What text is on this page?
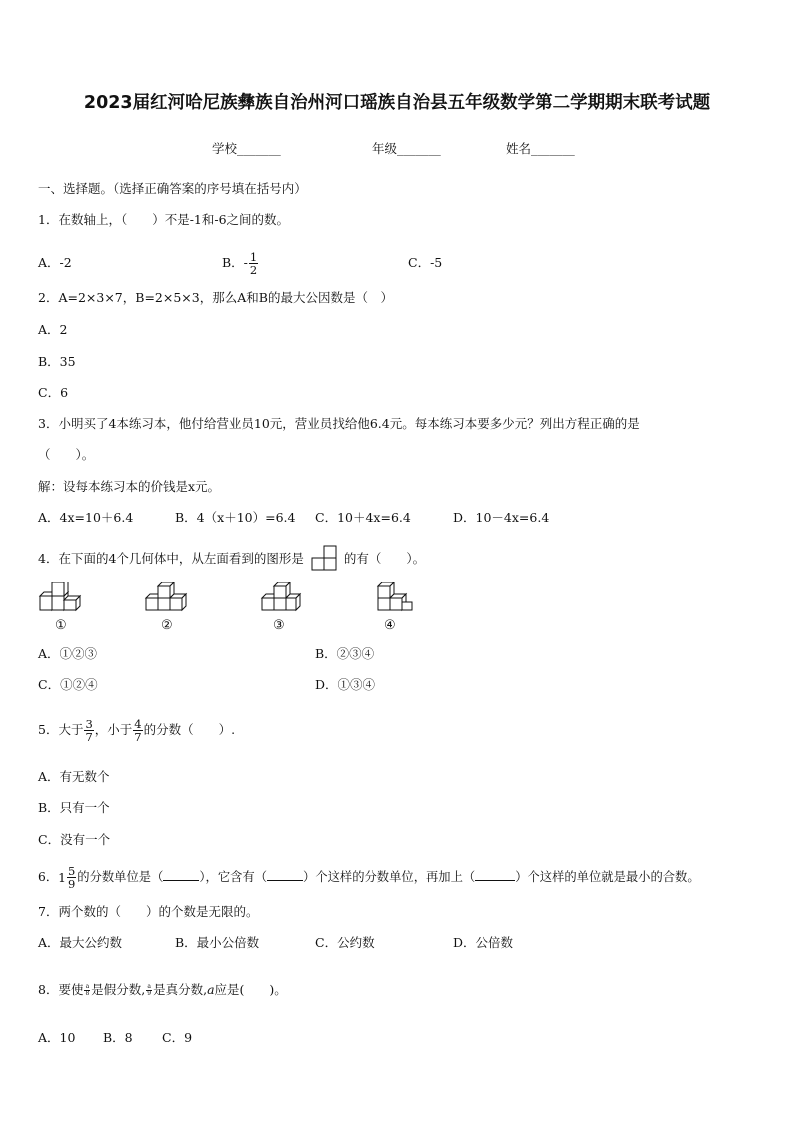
2023届红河哈尼族彝族自治州河口瑶族自治县五年级数学第二学期期末联考试题
学校_______	年级_______	姓名_______
一、选择题。（选择正确答案的序号填在括号内）
1．在数轴上，（　　）不是-1和-6之间的数。
A．-2	B．- $\frac{1}{2}$	C．-5
2．A=2×3×7，B=2×5×3，那么A和B的最大公因数是（　）
A．2
B．35
C．6
3．小明买了4本练习本，他付给营业员10元，营业员找给他6.4元。每本练习本要多少元？列出方程正确的是
（　　）。
解：设每本练习本的价钱是x元。
A．4x=10＋6.4	B．4（x＋10）=6.4 C．10＋4x=6.4	D．10－4x=6.4
4．在下面的4个几何体中，从左面看到的图形是	的有（　　）。
①	②	③	④
A．①②③	B．②③④
C．①②④	D．①③④
5．大于 $\frac{3}{7}$ ，小于 $\frac{4}{7}$ 的分数（　　）.
A．有无数个
B．只有一个
C．没有一个
6．$1 \frac{5}{9}$ 的分数单位是（	），它含有（	）个这样的分数单位，再加上（	）个这样的单位就是最小的合数。
7．两个数的（　　）的个数是无限的。
A．最大公约数	B．最小公倍数	C．公约数	D．公倍数
8．要使 $\frac{a}{8}$ 是假分数, $\frac{a}{9}$ 是真分数,a应是(　　)。
A．10 B．8 C．9
